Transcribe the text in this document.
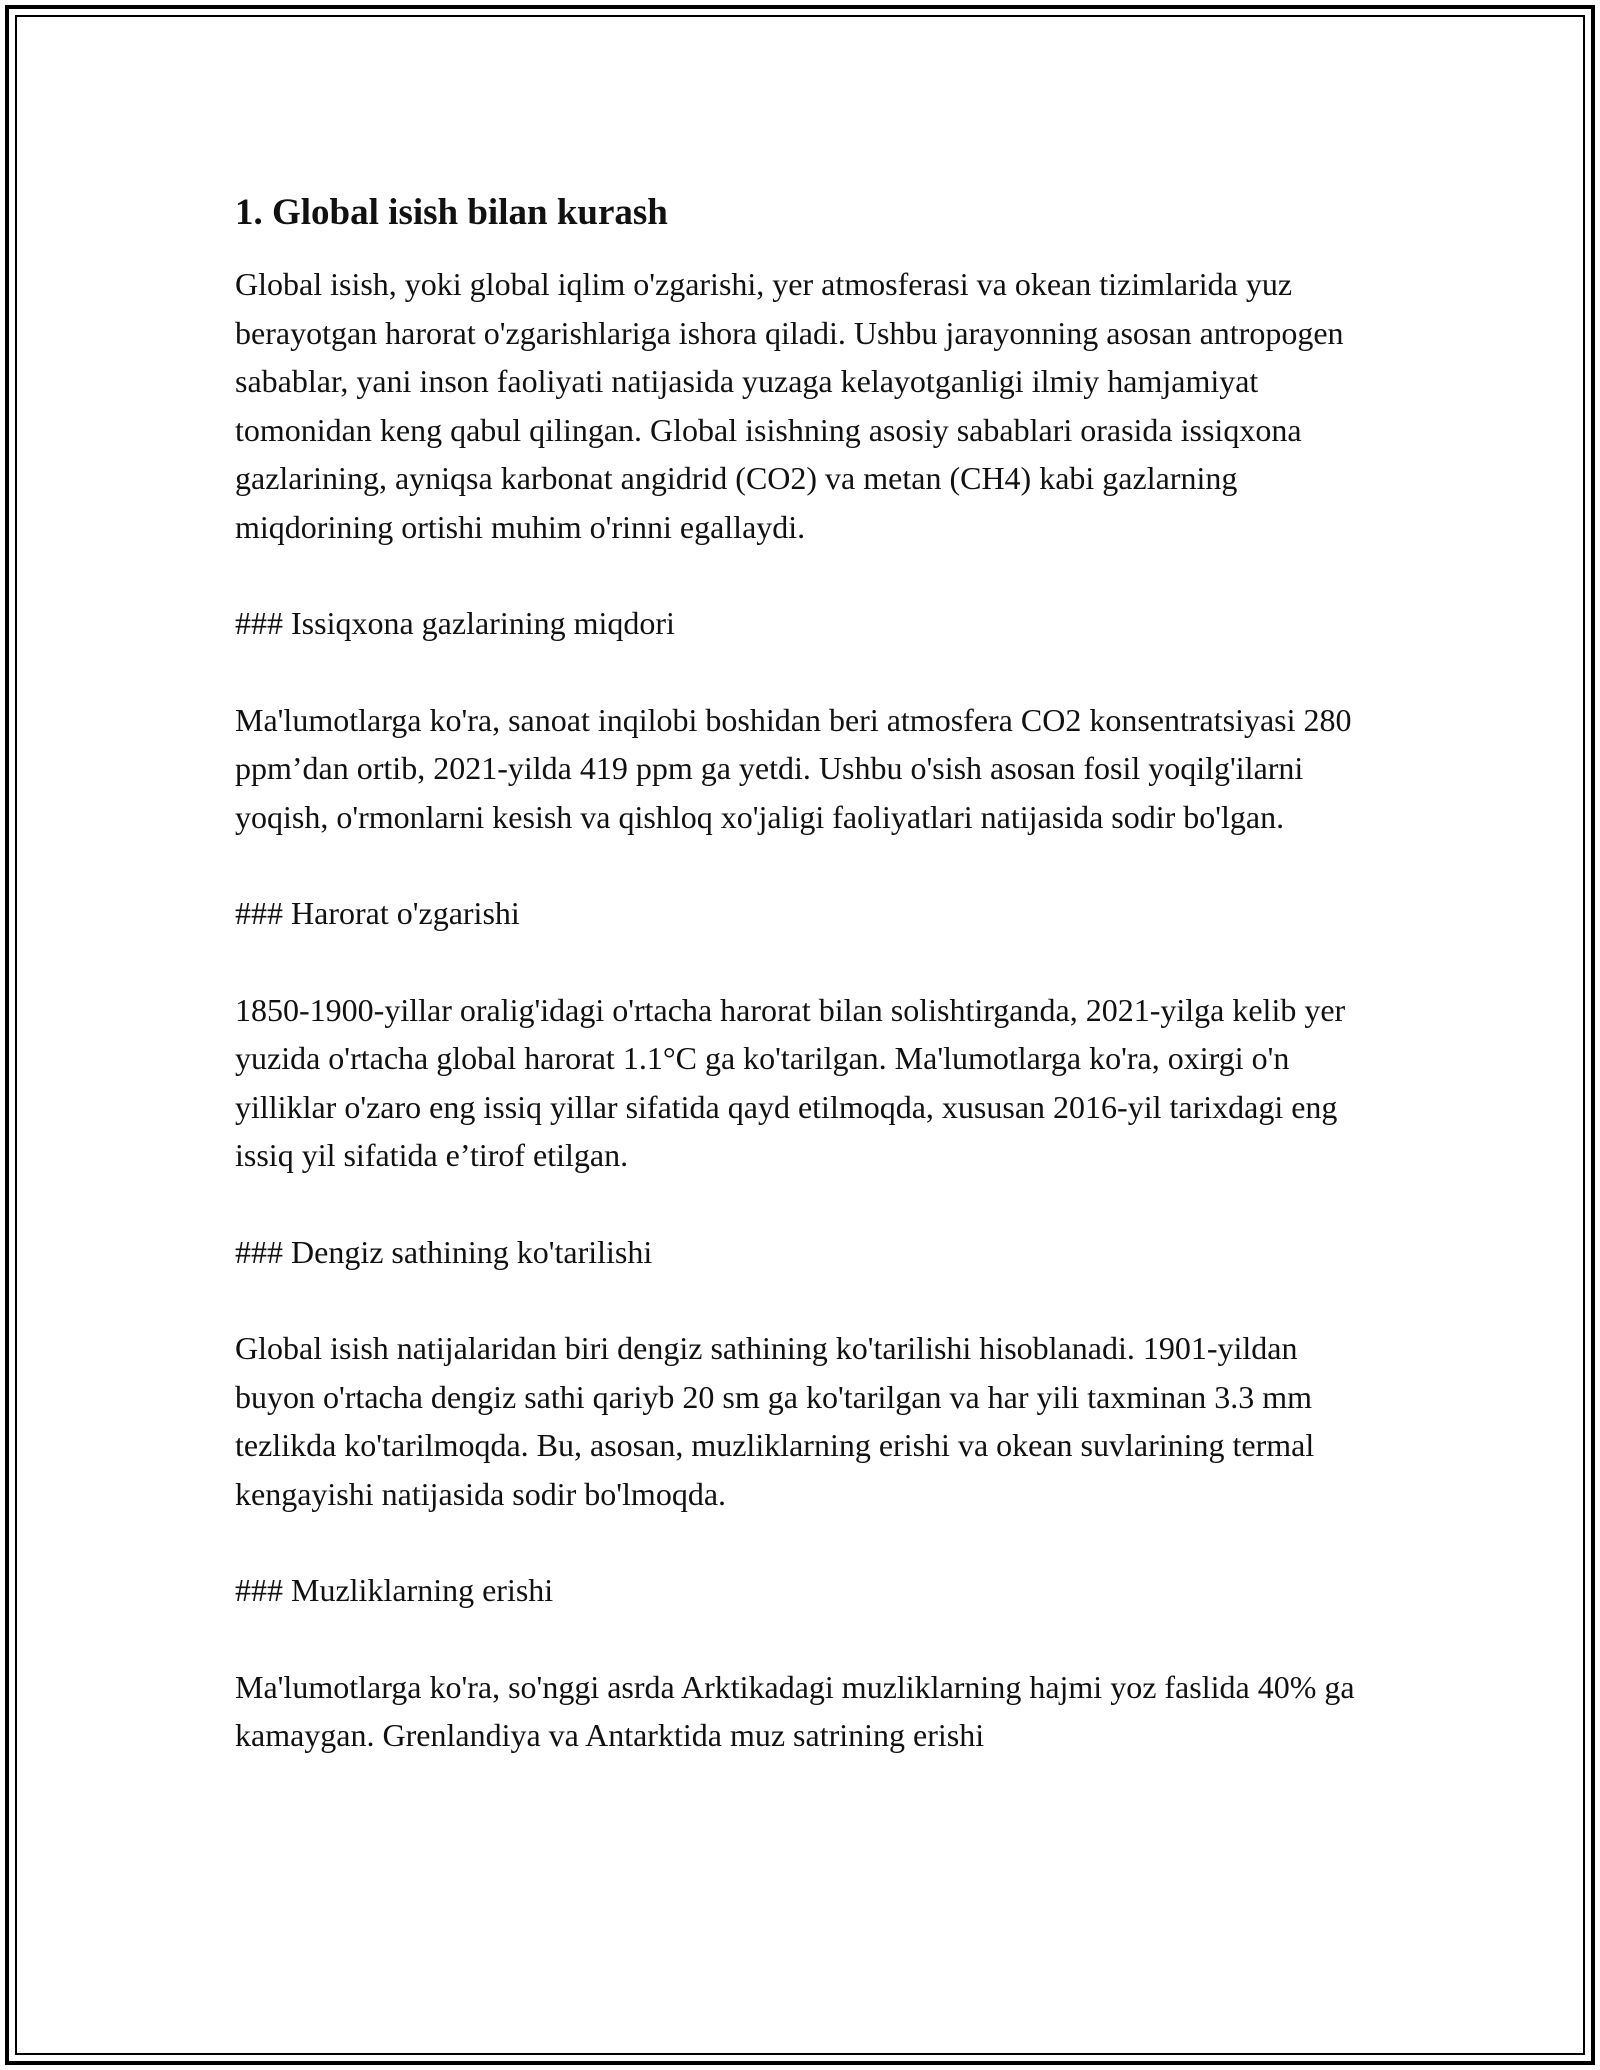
1. Global isish bilan kurash

Global isish, yoki global iqlim o'zgarishi, yer atmosferasi va okean tizimlarida yuz berayotgan harorat o'zgarishlariga ishora qiladi. Ushbu jarayonning asosan antropogen sabablar, yani inson faoliyati natijasida yuzaga kelayotganligi ilmiy hamjamiyat tomonidan keng qabul qilingan. Global isishning asosiy sabablari orasida issiqxona gazlarining, ayniqsa karbonat angidrid (CO2) va metan (CH4) kabi gazlarning miqdorining ortishi muhim o'rinni egallaydi.

### Issiqxona gazlarining miqdori

Ma'lumotlarga ko'ra, sanoat inqilobi boshidan beri atmosfera CO2 konsentratsiyasi 280 ppm’dan ortib, 2021-yilda 419 ppm ga yetdi. Ushbu o'sish asosan fosil yoqilg'ilarni yoqish, o'rmonlarni kesish va qishloq xo'jaligi faoliyatlari natijasida sodir bo'lgan.

### Harorat o'zgarishi

1850-1900-yillar oralig'idagi o'rtacha harorat bilan solishtirganda, 2021-yilga kelib yer yuzida o'rtacha global harorat 1.1°C ga ko'tarilgan. Ma'lumotlarga ko'ra, oxirgi o'n yilliklar o'zaro eng issiq yillar sifatida qayd etilmoqda, xususan 2016-yil tarixdagi eng issiq yil sifatida e’tirof etilgan.

### Dengiz sathining ko'tarilishi

Global isish natijalaridan biri dengiz sathining ko'tarilishi hisoblanadi. 1901-yildan buyon o'rtacha dengiz sathi qariyb 20 sm ga ko'tarilgan va har yili taxminan 3.3 mm tezlikda ko'tarilmoqda. Bu, asosan, muzliklarning erishi va okean suvlarining termal kengayishi natijasida sodir bo'lmoqda.

### Muzliklarning erishi

Ma'lumotlarga ko'ra, so'nggi asrda Arktikadagi muzliklarning hajmi yoz faslida 40% ga kamaygan. Grenlandiya va Antarktida muz satrining erishi
